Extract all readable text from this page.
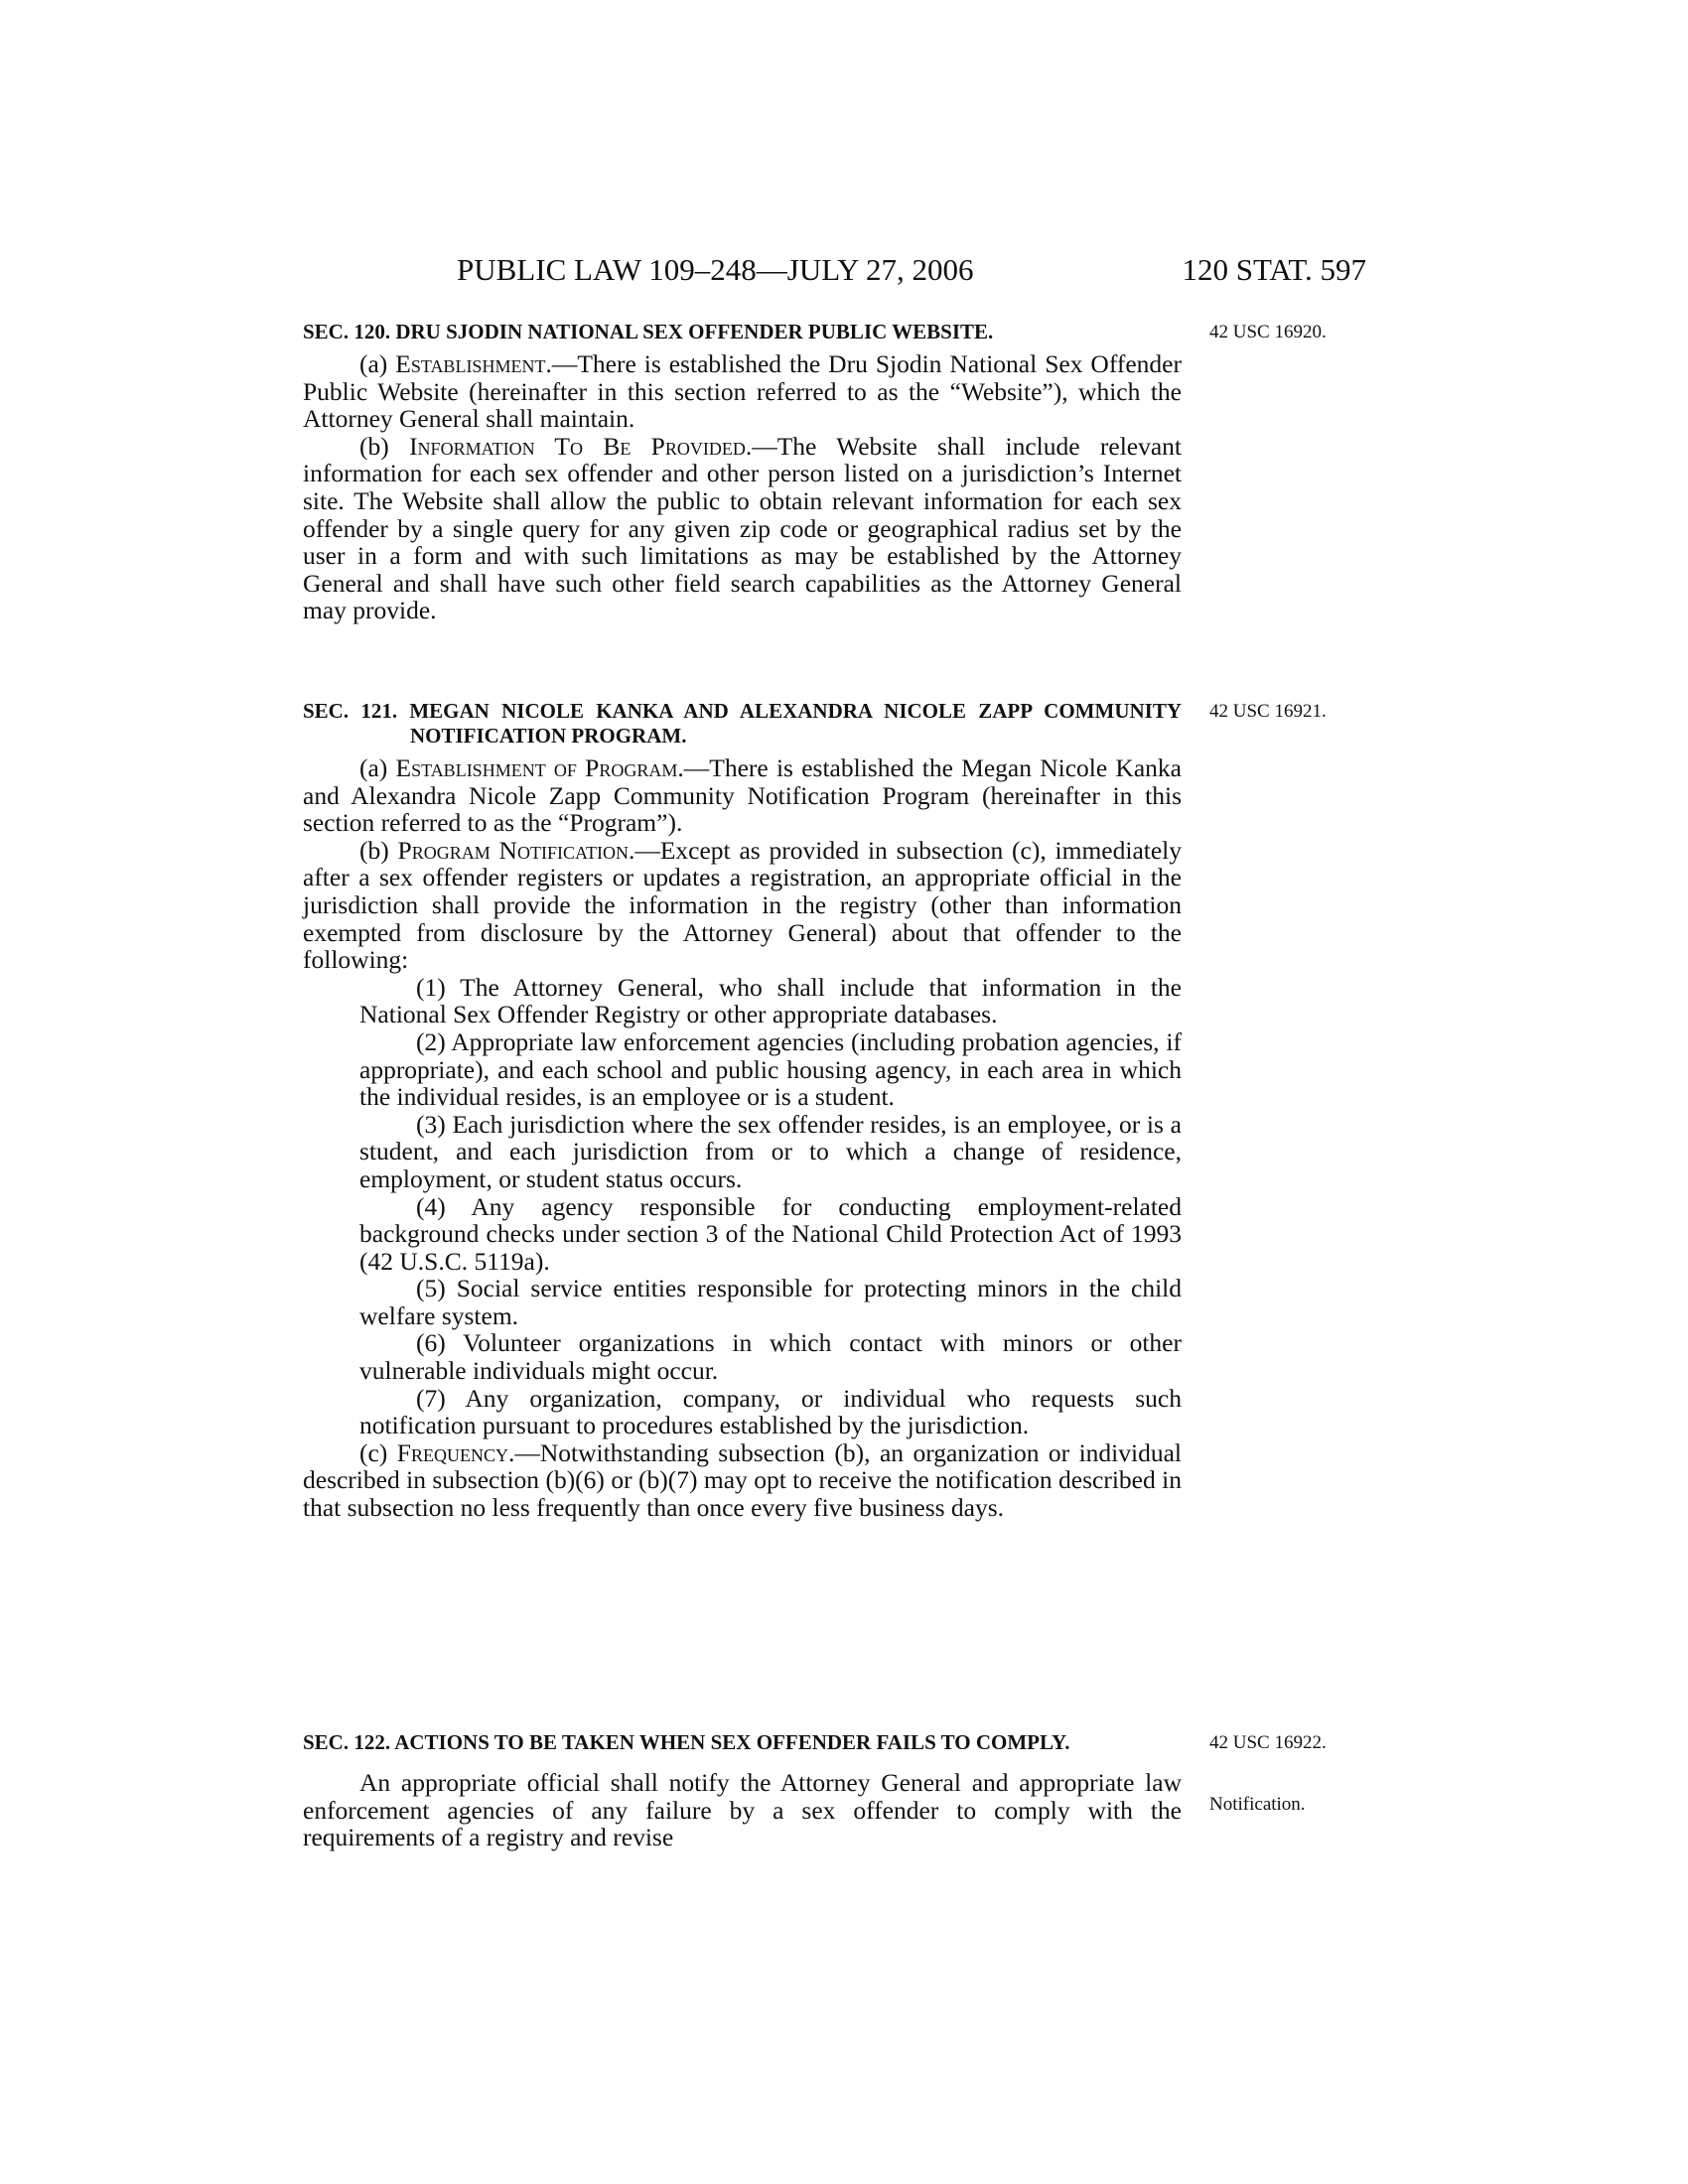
PUBLIC LAW 109–248—JULY 27, 2006	120 STAT. 597

SEC. 120. DRU SJODIN NATIONAL SEX OFFENDER PUBLIC WEBSITE.

(a) Establishment.—There is established the Dru Sjodin National Sex Offender Public Website (hereinafter in this section referred to as the “Website”), which the Attorney General shall maintain.

(b) Information To Be Provided.—The Website shall include relevant information for each sex offender and other person listed on a jurisdiction’s Internet site. The Website shall allow the public to obtain relevant information for each sex offender by a single query for any given zip code or geographical radius set by the user in a form and with such limitations as may be established by the Attorney General and shall have such other field search capabilities as the Attorney General may provide.

42 USC 16920.

SEC. 121. MEGAN NICOLE KANKA AND ALEXANDRA NICOLE ZAPP COMMUNITY NOTIFICATION PROGRAM.

(a) Establishment of Program.—There is established the Megan Nicole Kanka and Alexandra Nicole Zapp Community Notification Program (hereinafter in this section referred to as the “Program”).

(b) Program Notification.—Except as provided in subsection (c), immediately after a sex offender registers or updates a registration, an appropriate official in the jurisdiction shall provide the information in the registry (other than information exempted from disclosure by the Attorney General) about that offender to the following:

(1) The Attorney General, who shall include that information in the National Sex Offender Registry or other appropriate databases.

(2) Appropriate law enforcement agencies (including probation agencies, if appropriate), and each school and public housing agency, in each area in which the individual resides, is an employee or is a student.

(3) Each jurisdiction where the sex offender resides, is an employee, or is a student, and each jurisdiction from or to which a change of residence, employment, or student status occurs.

(4) Any agency responsible for conducting employment-related background checks under section 3 of the National Child Protection Act of 1993 (42 U.S.C. 5119a).

(5) Social service entities responsible for protecting minors in the child welfare system.

(6) Volunteer organizations in which contact with minors or other vulnerable individuals might occur.

(7) Any organization, company, or individual who requests such notification pursuant to procedures established by the jurisdiction.

(c) Frequency.—Notwithstanding subsection (b), an organization or individual described in subsection (b)(6) or (b)(7) may opt to receive the notification described in that subsection no less frequently than once every five business days.

42 USC 16921.

SEC. 122. ACTIONS TO BE TAKEN WHEN SEX OFFENDER FAILS TO COMPLY.

An appropriate official shall notify the Attorney General and appropriate law enforcement agencies of any failure by a sex offender to comply with the requirements of a registry and revise

42 USC 16922.
Notification.
